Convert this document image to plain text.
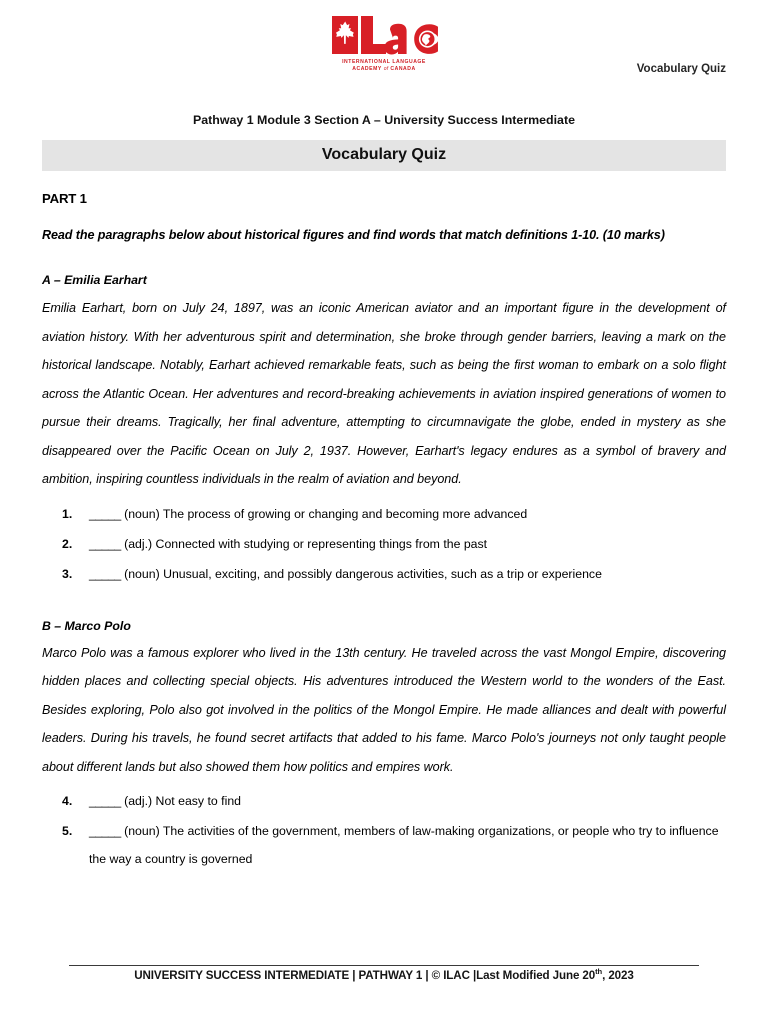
INTERNATIONAL LANGUAGE
ACADEMY of CANADA	Vocabulary Quiz
Pathway 1 Module 3 Section A – University Success Intermediate
Vocabulary Quiz
PART 1
Read the paragraphs below about historical figures and find words that match definitions 1-10. (10 marks)
A – Emilia Earhart
Emilia Earhart, born on July 24, 1897, was an iconic American aviator and an important figure in the development of aviation history. With her adventurous spirit and determination, she broke through gender barriers, leaving a mark on the historical landscape. Notably, Earhart achieved remarkable feats, such as being the first woman to embark on a solo flight across the Atlantic Ocean. Her adventures and record-breaking achievements in aviation inspired generations of women to pursue their dreams. Tragically, her final adventure, attempting to circumnavigate the globe, ended in mystery as she disappeared over the Pacific Ocean on July 2, 1937. However, Earhart's legacy endures as a symbol of bravery and ambition, inspiring countless individuals in the realm of aviation and beyond.
1. _____ (noun) The process of growing or changing and becoming more advanced
2. _____ (adj.) Connected with studying or representing things from the past
3. _____ (noun) Unusual, exciting, and possibly dangerous activities, such as a trip or experience
B – Marco Polo
Marco Polo was a famous explorer who lived in the 13th century. He traveled across the vast Mongol Empire, discovering hidden places and collecting special objects. His adventures introduced the Western world to the wonders of the East. Besides exploring, Polo also got involved in the politics of the Mongol Empire. He made alliances and dealt with powerful leaders. During his travels, he found secret artifacts that added to his fame. Marco Polo's journeys not only taught people about different lands but also showed them how politics and empires work.
4. _____ (adj.) Not easy to find
5. _____ (noun) The activities of the government, members of law-making organizations, or people who try to influence the way a country is governed
UNIVERSITY SUCCESS INTERMEDIATE | PATHWAY 1 | © ILAC |Last Modified June 20th, 2023
